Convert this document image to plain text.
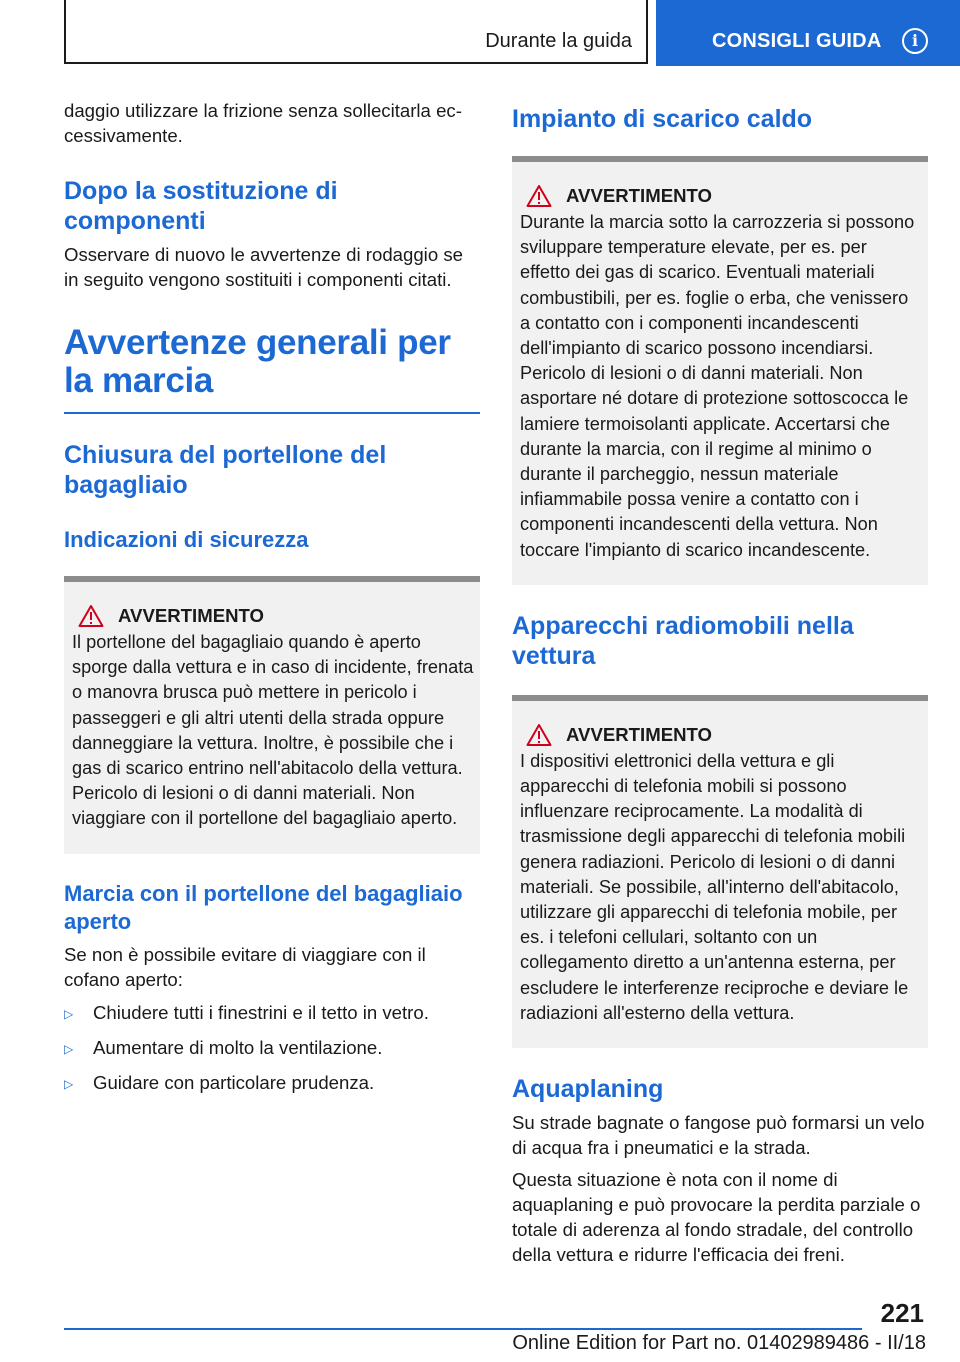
Durante la guida	CONSIGLI GUIDA	i

daggio utilizzare la frizione senza sollecitarla ec-
cessivamente.

Dopo la sostituzione di componenti

Osservare di nuovo le avvertenze di rodaggio se in seguito vengono sostituiti i componenti citati.

Avvertenze generali per la marcia
Chiusura del portellone del bagagliaio
Indicazioni di sicurezza
AVVERTIMENTO

Il portellone del bagagliaio quando è aperto sporge dalla vettura e in caso di incidente, frenata o manovra brusca può mettere in pericolo i passeggeri e gli altri utenti della strada oppure danneggiare la vettura. Inoltre, è possibile che i gas di scarico entrino nell'abitacolo della vettura. Pericolo di lesioni o di danni materiali. Non viaggiare con il portellone del bagagliaio aperto.

Marcia con il portellone del bagagliaio aperto

Se non è possibile evitare di viaggiare con il cofano aperto:

▷	Chiudere tutti i finestrini e il tetto in vetro.
▷	Aumentare di molto la ventilazione.
▷	Guidare con particolare prudenza.
Impianto di scarico caldo
AVVERTIMENTO

Durante la marcia sotto la carrozzeria si possono sviluppare temperature elevate, per es. per effetto dei gas di scarico. Eventuali materiali combustibili, per es. foglie o erba, che venissero a contatto con i componenti incandescenti dell'impianto di scarico possono incendiarsi. Pericolo di lesioni o di danni materiali. Non asportare né dotare di protezione sottoscocca le lamiere termoisolanti applicate. Accertarsi che durante la marcia, con il regime al minimo o durante il parcheggio, nessun materiale infiammabile possa venire a contatto con i componenti incandescenti della vettura. Non toccare l'impianto di scarico incandescente.

Apparecchi radiomobili nella vettura
AVVERTIMENTO

I dispositivi elettronici della vettura e gli apparecchi di telefonia mobili si possono influenzare reciprocamente. La modalità di trasmissione degli apparecchi di telefonia mobili genera radiazioni. Pericolo di lesioni o di danni materiali. Se possibile, all'interno dell'abitacolo, utilizzare gli apparecchi di telefonia mobile, per es. i telefoni cellulari, soltanto con un collegamento diretto a un'antenna esterna, per escludere le interferenze reciproche e deviare le radiazioni all'esterno della vettura.

Aquaplaning

Su strade bagnate o fangose può formarsi un velo di acqua fra i pneumatici e la strada.

Questa situazione è nota con il nome di aquaplaning e può provocare la perdita parziale o totale di aderenza al fondo stradale, del controllo della vettura e ridurre l'efficacia dei freni.

221
Online Edition for Part no. 01402989486 - II/18
